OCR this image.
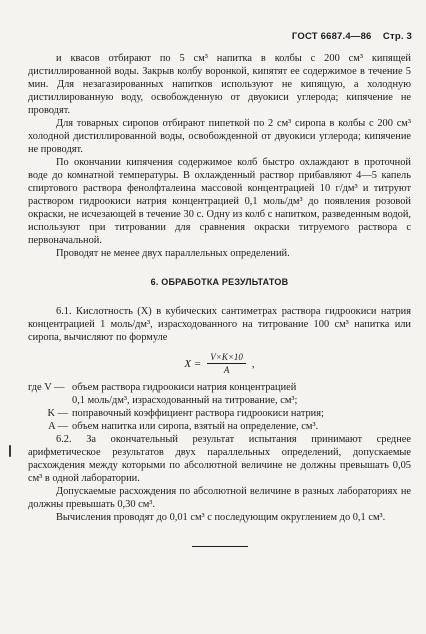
ГОСТ 6687.4—86 Стр. 3

и квасов отбирают по 5 см³ напитка в колбы с 200 см³ кипящей дистиллированной воды. Закрыв колбу воронкой, кипятят ее содержимое в течение 5 мин. Для незагазированных напитков используют не кипящую, а холодную дистиллированную воду, освобожденную от двуокиси углерода; кипячение не проводят.

Для товарных сиропов отбирают пипеткой по 2 см³ сиропа в колбы с 200 см³ холодной дистиллированной воды, освобожденной от двуокиси углерода; кипячение не проводят.

По окончании кипячения содержимое колб быстро охлаждают в проточной воде до комнатной температуры. В охлажденный раствор прибавляют 4—5 капель спиртового раствора фенолфталеина массовой концентрацией 10 г/дм³ и титруют раствором гидроокиси натрия концентрацией 0,1 моль/дм³ до появления розовой окраски, не исчезающей в течение 30 с. Одну из колб с напитком, разведенным водой, используют при титровании для сравнения окраски титруемого раствора с первоначальной.

Проводят не менее двух параллельных определений.

6. ОБРАБОТКА РЕЗУЛЬТАТОВ

6.1. Кислотность (X) в кубических сантиметрах раствора гидроокиси натрия концентрацией 1 моль/дм³, израсходованного на титрование 100 см³ напитка или сиропа, вычисляют по формуле

$X = \frac{V\times K\times 10}{A}$ ,
где V — объем раствора гидроокиси натрия концентрацией
0,1 моль/дм³, израсходованный на титрование, см³;
K — поправочный коэффициент раствора гидроокиси натрия;
A — объем напитка или сиропа, взятый на определение, см³.

6.2. За окончательный результат испытания принимают среднее арифметическое результатов двух параллельных определений, допускаемые расхождения между которыми по абсолютной величине не должны превышать 0,05 см³ в одной лаборатории.

Допускаемые расхождения по абсолютной величине в разных лабораториях не должны превышать 0,30 см³.

Вычисления проводят до 0,01 см³ с последующим округлением до 0,1 см³.
